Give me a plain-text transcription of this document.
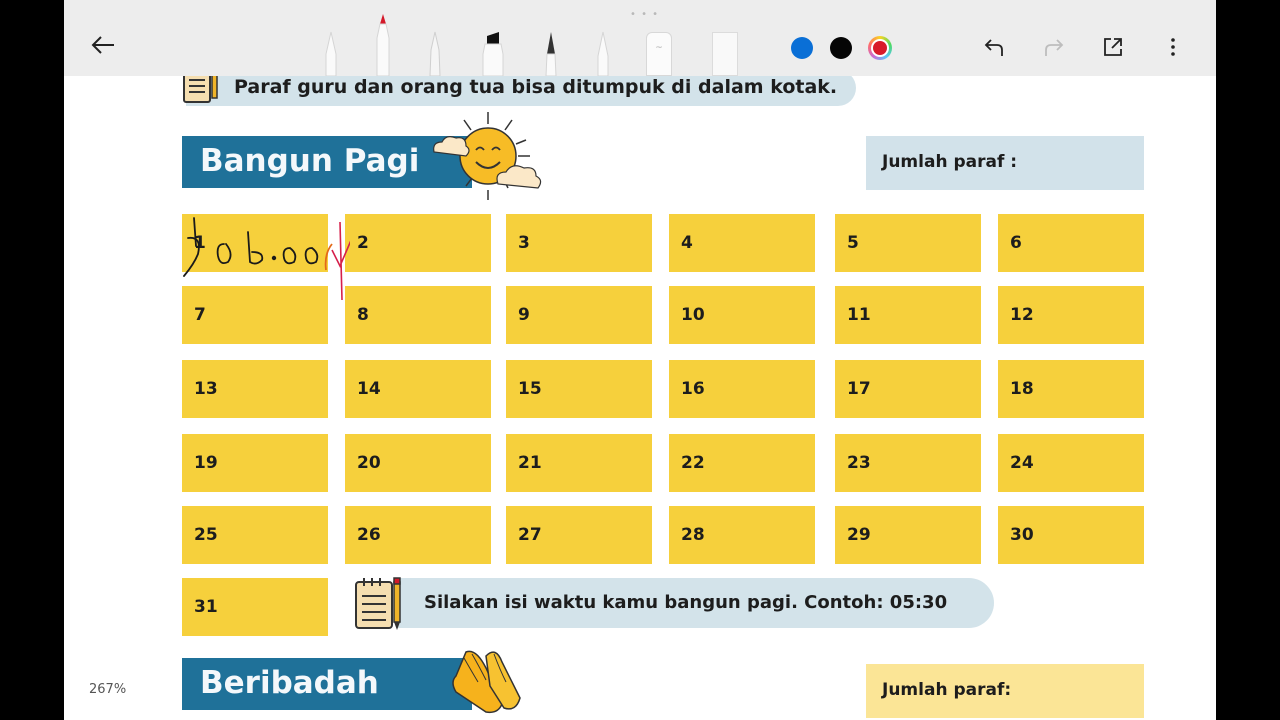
• • •
~
267%
Paraf guru dan orang tua bisa ditumpuk di dalam kotak.
Bangun Pagi	Jumlah paraf :
1	2	3	4	5	6
7	8	9	10	11	12
13	14	15	16	17	18
19	20	21	22	23	24
25	26	27	28	29	30
31	Silakan isi waktu kamu bangun pagi. Contoh: 05:30
Beribadah	Jumlah paraf:
